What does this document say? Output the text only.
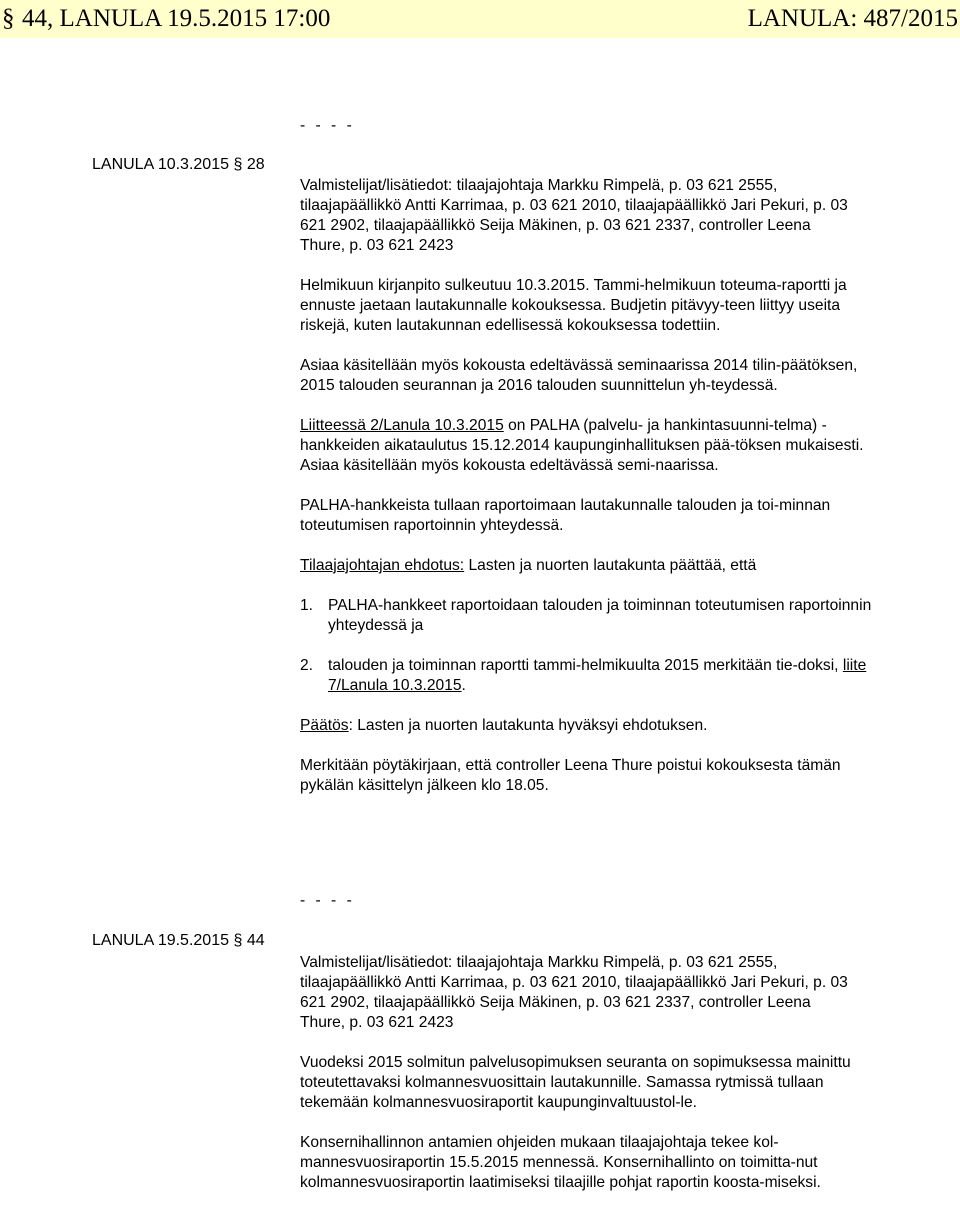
§ 44, LANULA 19.5.2015 17:00	LANULA: 487/2015
- - - -
LANULA 10.3.2015 § 28

Valmistelijat/lisätiedot: tilaajajohtaja Markku Rimpelä, p. 03 621 2555, tilaajapäällikkö Antti Karrimaa, p. 03 621 2010, tilaajapäällikkö Jari Pekuri, p. 03 621 2902, tilaajapäällikkö Seija Mäkinen, p. 03 621 2337, controller Leena Thure, p. 03 621 2423

Helmikuun kirjanpito sulkeutuu 10.3.2015. Tammi-helmikuun toteuma-raportti ja ennuste jaetaan lautakunnalle kokouksessa. Budjetin pitävyy-teen liittyy useita riskejä, kuten lautakunnan edellisessä kokouksessa todettiin.

Asiaa käsitellään myös kokousta edeltävässä seminaarissa 2014 tilin-päätöksen, 2015 talouden seurannan ja 2016 talouden suunnittelun yh-teydessä.

Liitteessä 2/Lanula 10.3.2015 on PALHA (palvelu- ja hankintasuunni-telma) -hankkeiden aikataulutus 15.12.2014 kaupunginhallituksen pää-töksen mukaisesti. Asiaa käsitellään myös kokousta edeltävässä semi-naarissa.

PALHA-hankkeista tullaan raportoimaan lautakunnalle talouden ja toi-minnan toteutumisen raportoinnin yhteydessä.

Tilaajajohtajan ehdotus: Lasten ja nuorten lautakunta päättää, että

1. PALHA-hankkeet raportoidaan talouden ja toiminnan toteutumisen raportoinnin yhteydessä ja
2. talouden ja toiminnan raportti tammi-helmikuulta 2015 merkitään tie-doksi, liite 7/Lanula 10.3.2015.

Päätös: Lasten ja nuorten lautakunta hyväksyi ehdotuksen.

Merkitään pöytäkirjaan, että controller Leena Thure poistui kokouksesta tämän pykälän käsittelyn jälkeen klo 18.05.

- - - -
LANULA 19.5.2015 § 44

Valmistelijat/lisätiedot: tilaajajohtaja Markku Rimpelä, p. 03 621 2555, tilaajapäällikkö Antti Karrimaa, p. 03 621 2010, tilaajapäällikkö Jari Pekuri, p. 03 621 2902, tilaajapäällikkö Seija Mäkinen, p. 03 621 2337, controller Leena Thure, p. 03 621 2423

Vuodeksi 2015 solmitun palvelusopimuksen seuranta on sopimuksessa mainittu toteutettavaksi kolmannesvuosittain lautakunnille. Samassa rytmissä tullaan tekemään kolmannesvuosiraportit kaupunginvaltuustol-le.

Konsernihallinnon antamien ohjeiden mukaan tilaajajohtaja tekee kol-mannesvuosiraportin 15.5.2015 mennessä. Konsernihallinto on toimitta-nut kolmannesvuosiraportin laatimiseksi tilaajille pohjat raportin koosta-miseksi.
